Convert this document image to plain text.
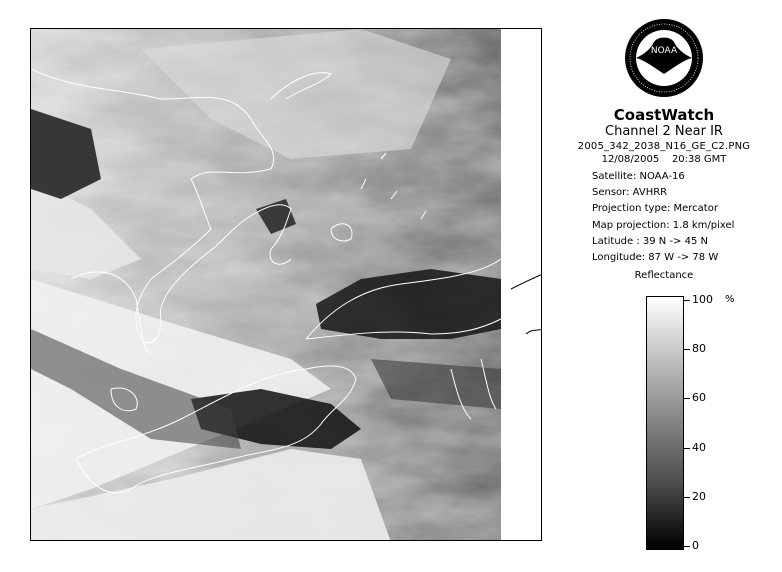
NOAA
CoastWatch
Channel 2 Near IR
2005_342_2038_N16_GE_C2.PNG
12/08/2005 20:38 GMT
Satellite: NOAA-16
Sensor: AVHRR
Projection type: Mercator
Map projection: 1.8 km/pixel
Latitude : 39 N -> 45 N
Longitude: 87 W -> 78 W
Reflectance
%
100
80
60
40
20
0
